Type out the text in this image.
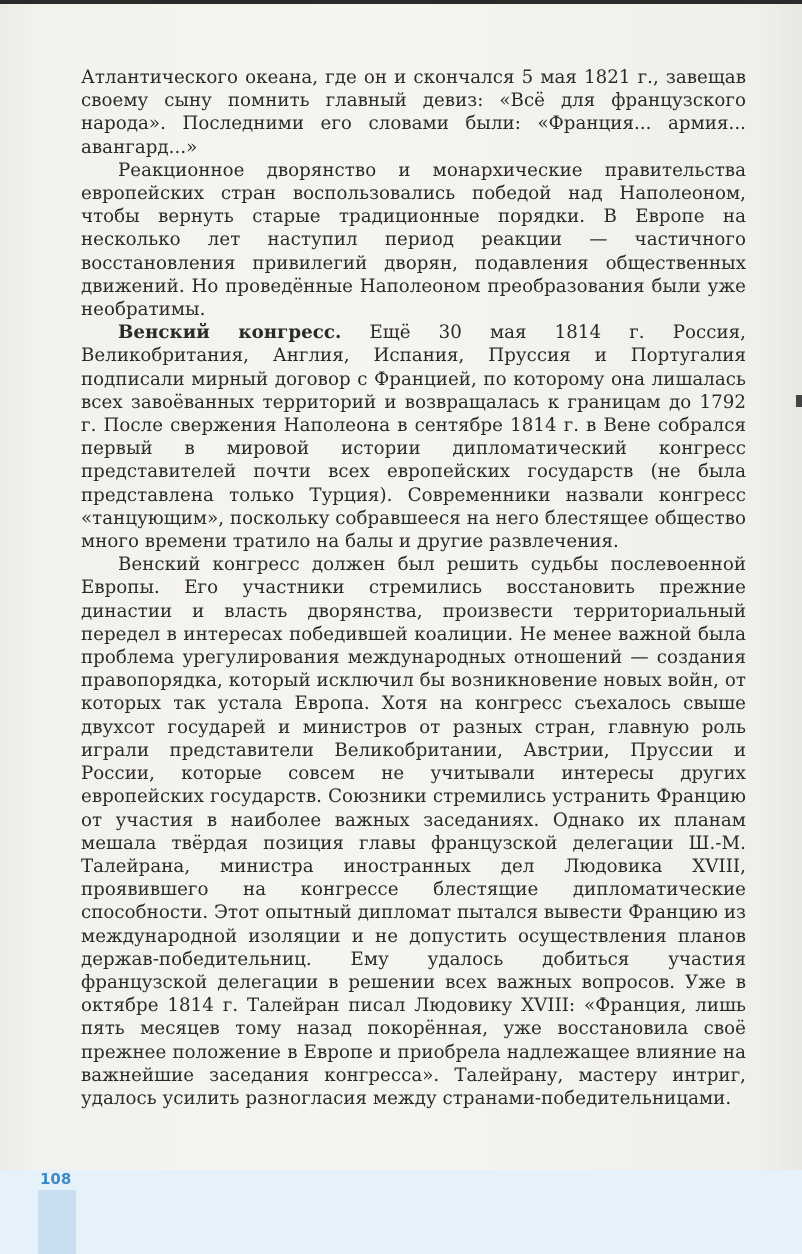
Атлантического океана, где он и скончался 5 мая 1821 г., завещав своему сыну помнить главный девиз: «Всё для французского народа». Последними его словами были: «Франция... армия... авангард...»

Реакционное дворянство и монархические правительства европейских стран воспользовались победой над Наполеоном, чтобы вернуть старые традиционные порядки. В Европе на несколько лет наступил период реакции — частичного восстановления привилегий дворян, подавления общественных движений. Но проведённые Наполеоном преобразования были уже необратимы.

Венский конгресс. Ещё 30 мая 1814 г. Россия, Великобритания, Англия, Испания, Пруссия и Португалия подписали мирный договор с Францией, по которому она лишалась всех завоёванных территорий и возвращалась к границам до 1792 г. После свержения Наполеона в сентябре 1814 г. в Вене собрался первый в мировой истории дипломатический конгресс представителей почти всех европейских государств (не была представлена только Турция). Современники назвали конгресс «танцующим», поскольку собравшееся на него блестящее общество много времени тратило на балы и другие развлечения.

Венский конгресс должен был решить судьбы послевоенной Европы. Его участники стремились восстановить прежние династии и власть дворянства, произвести территориальный передел в интересах победившей коалиции. Не менее важной была проблема урегулирования международных отношений — создания правопорядка, который исключил бы возникновение новых войн, от которых так устала Европа. Хотя на конгресс съехалось свыше двухсот государей и министров от разных стран, главную роль играли представители Великобритании, Австрии, Пруссии и России, которые совсем не учитывали интересы других европейских государств. Союзники стремились устранить Францию от участия в наиболее важных заседаниях. Однако их планам мешала твёрдая позиция главы французской делегации Ш.-М. Талейрана, министра иностранных дел Людовика XVIII, проявившего на конгрессе блестящие дипломатические способности. Этот опытный дипломат пытался вывести Францию из международной изоляции и не допустить осуществления планов держав-победительниц. Ему удалось добиться участия французской делегации в решении всех важных вопросов. Уже в октябре 1814 г. Талейран писал Людовику XVIII: «Франция, лишь пять месяцев тому назад покорённая, уже восстановила своё прежнее положение в Европе и приобрела надлежащее влияние на важнейшие заседания конгресса». Талейрану, мастеру интриг, удалось усилить разногласия между странами-победительницами.

108
